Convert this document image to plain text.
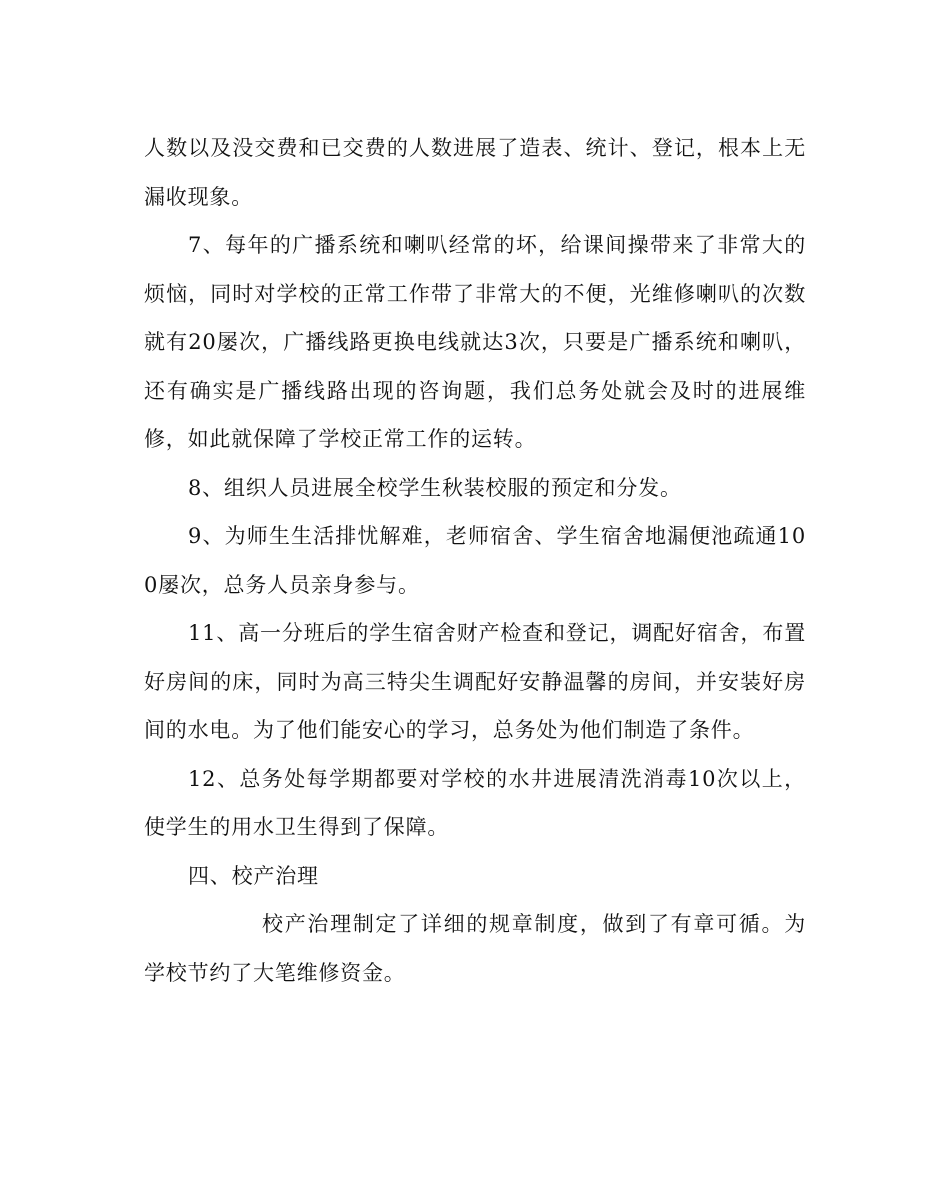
人数以及没交费和已交费的人数进展了造表、统计、登记，根本上无漏收现象。

7、每年的广播系统和喇叭经常的坏，给课间操带来了非常大的烦恼，同时对学校的正常工作带了非常大的不便，光维修喇叭的次数就有20屡次，广播线路更换电线就达3次，只要是广播系统和喇叭，还有确实是广播线路出现的咨询题，我们总务处就会及时的进展维修，如此就保障了学校正常工作的运转。

8、组织人员进展全校学生秋装校服的预定和分发。

9、为师生生活排忧解难，老师宿舍、学生宿舍地漏便池疏通100屡次，总务人员亲身参与。

11、高一分班后的学生宿舍财产检查和登记，调配好宿舍，布置好房间的床，同时为高三特尖生调配好安静温馨的房间，并安装好房间的水电。为了他们能安心的学习，总务处为他们制造了条件。

12、总务处每学期都要对学校的水井进展清洗消毒10次以上，使学生的用水卫生得到了保障。

四、校产治理

校产治理制定了详细的规章制度，做到了有章可循。为学校节约了大笔维修资金。
